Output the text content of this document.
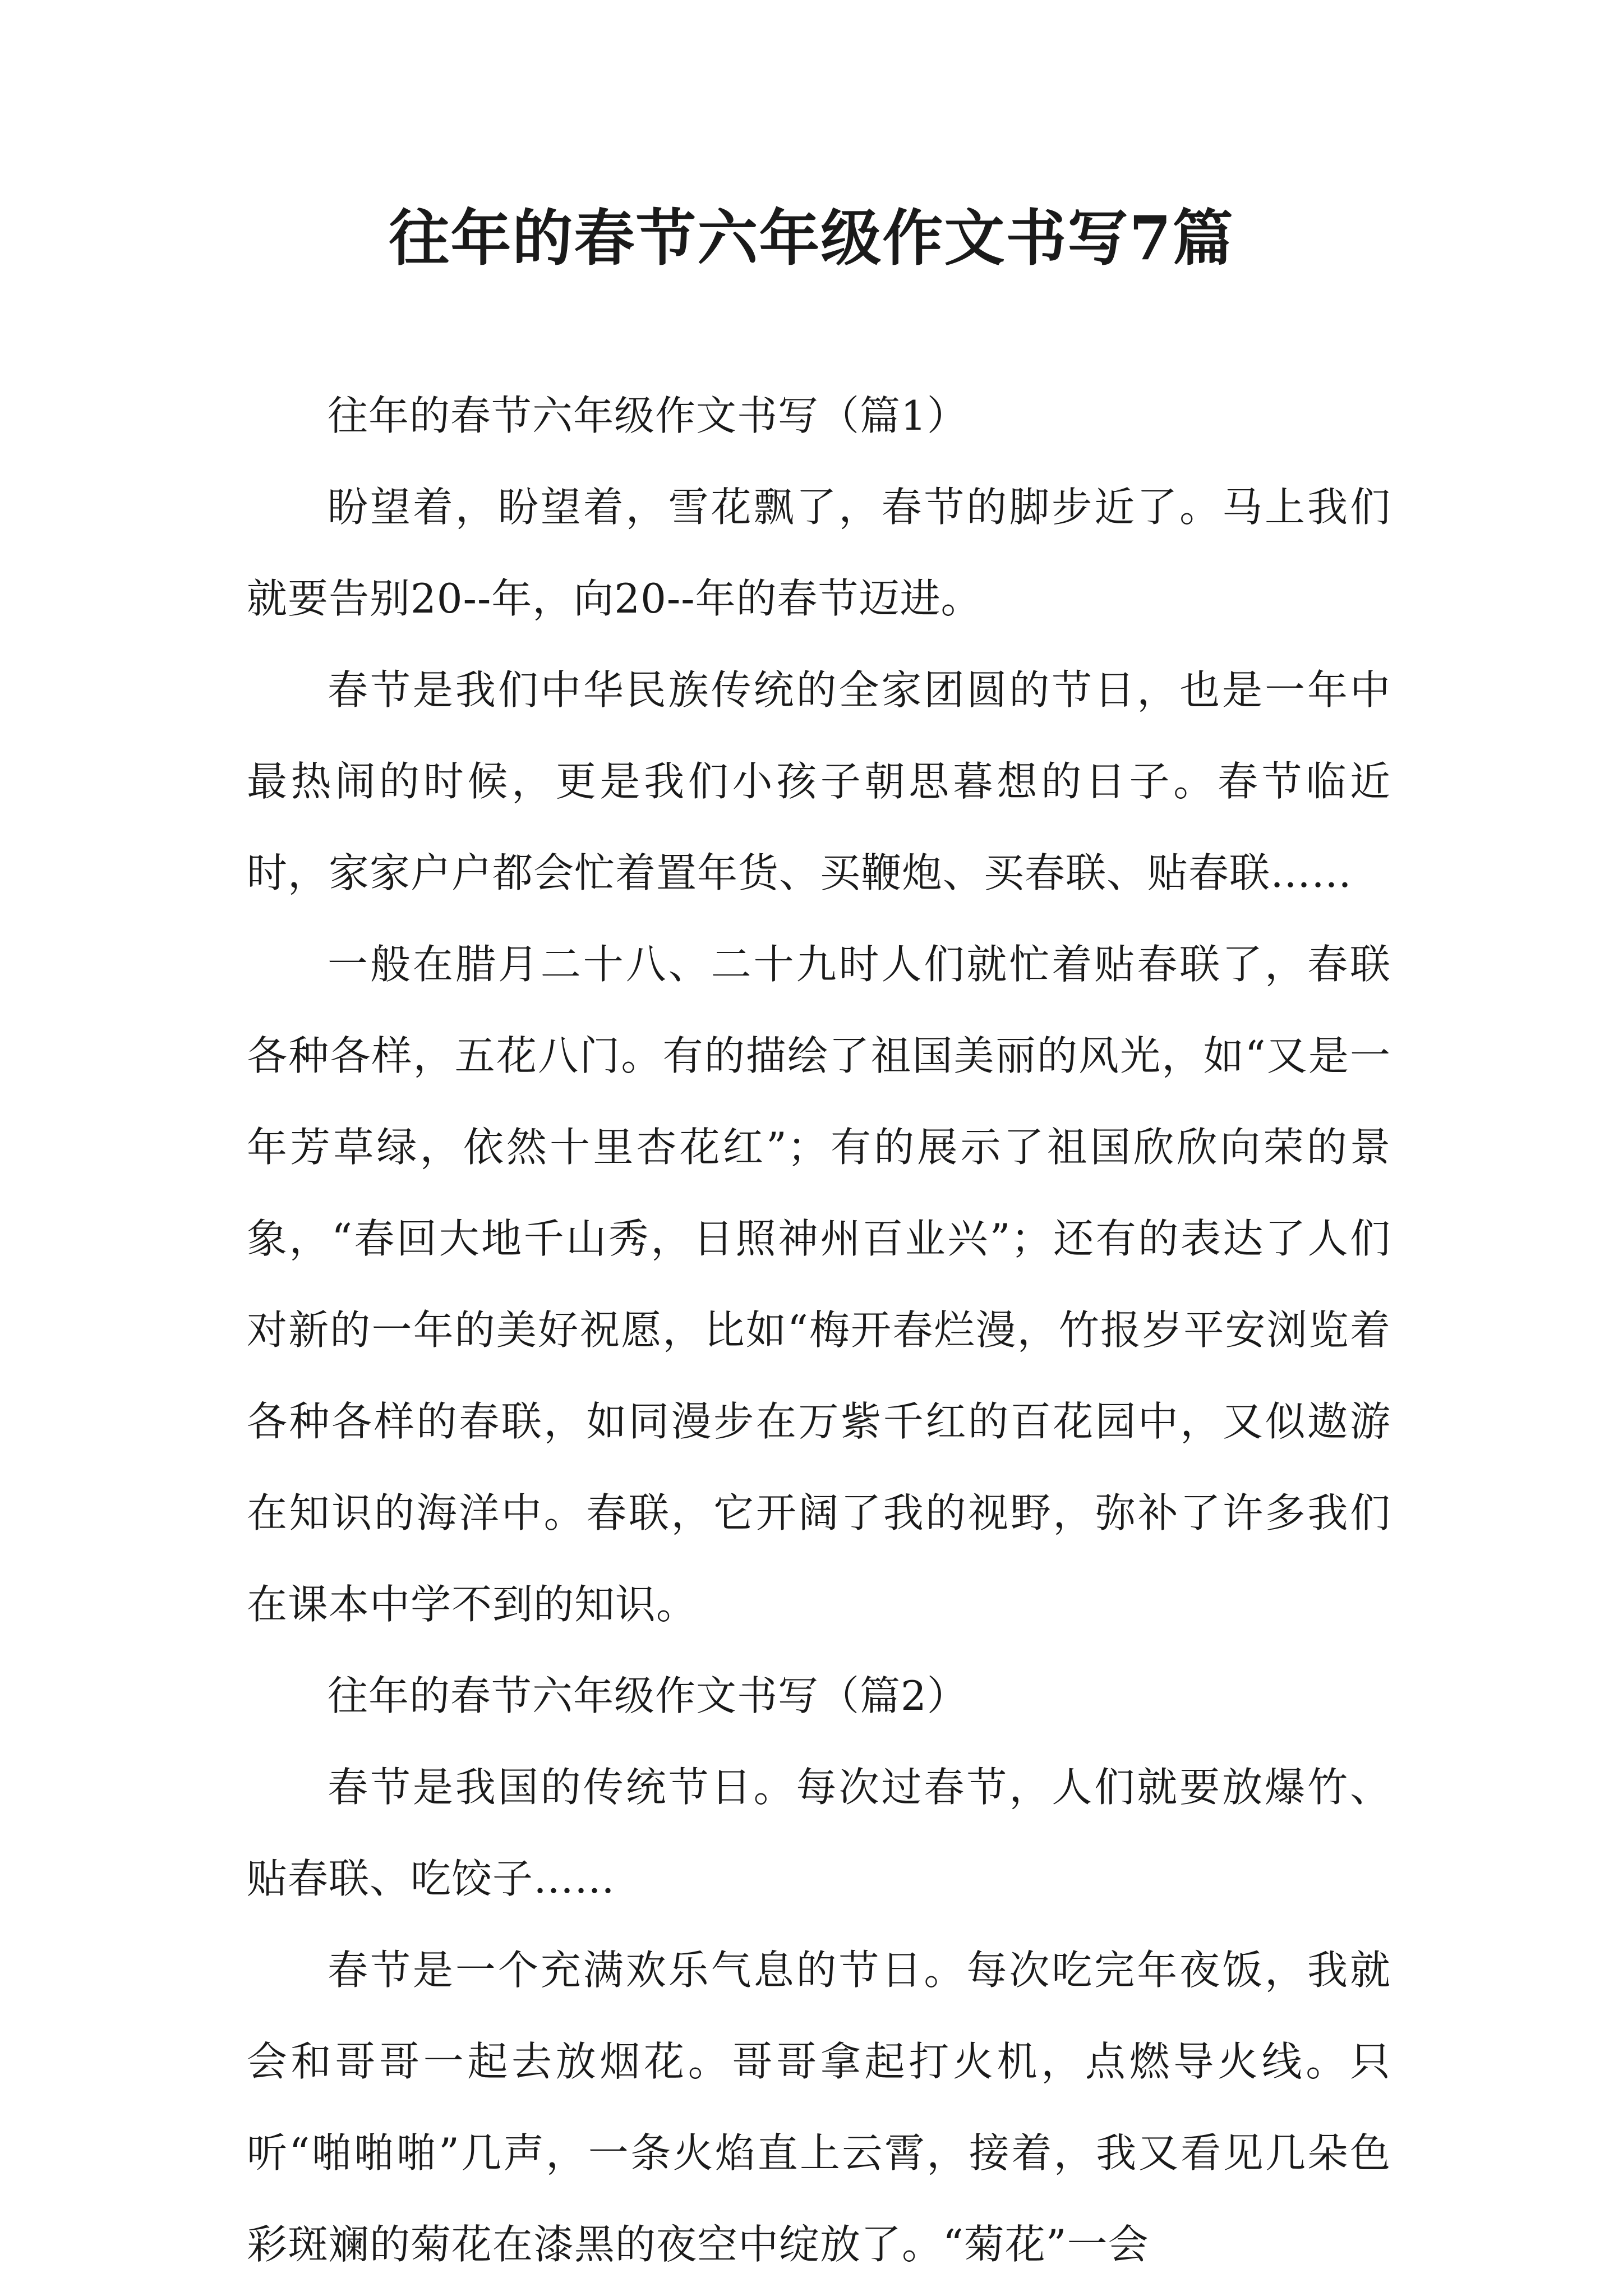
往年的春节六年级作文书写7篇

往年的春节六年级作文书写（篇1）

盼望着，盼望着，雪花飘了，春节的脚步近了。马上我们就要告别20--年，向20--年的春节迈进。

春节是我们中华民族传统的全家团圆的节日，也是一年中最热闹的时候，更是我们小孩子朝思暮想的日子。春节临近时，家家户户都会忙着置年货、买鞭炮、买春联、贴春联……

一般在腊月二十八、二十九时人们就忙着贴春联了，春联各种各样，五花八门。有的描绘了祖国美丽的风光，如“又是一年芳草绿，依然十里杏花红”；有的展示了祖国欣欣向荣的景象，“春回大地千山秀，日照神州百业兴”；还有的表达了人们对新的一年的美好祝愿，比如“梅开春烂漫，竹报岁平安浏览着各种各样的春联，如同漫步在万紫千红的百花园中，又似遨游在知识的海洋中。春联，它开阔了我的视野，弥补了许多我们在课本中学不到的知识。

往年的春节六年级作文书写（篇2）

春节是我国的传统节日。每次过春节，人们就要放爆竹、贴春联、吃饺子……

春节是一个充满欢乐气息的节日。每次吃完年夜饭，我就会和哥哥一起去放烟花。哥哥拿起打火机，点燃导火线。只听“啪啪啪”几声，一条火焰直上云霄，接着，我又看见几朵色彩斑斓的菊花在漆黑的夜空中绽放了。“菊花”一会
